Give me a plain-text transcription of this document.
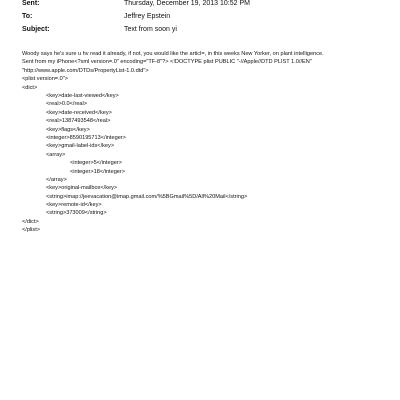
Sent:	Thursday, December 19, 2013 10:52 PM
To:	Jeffrey Epstein
Subject:	Text from soon yi

Woody says he's sure u hv read it already, if not, you would like the articl=, in this weeks New Yorker, on plant intelligence.

Sent from my iPhone<?xml version=.0" encoding="TF-8"?> <!DOCTYPE plist PUBLIC "-//Apple//DTD PLIST 1.0//EN" "http://www.apple.com/DTDs/PropertyList-1.0.dtd">

<plist version=.0">
<dict>
<key>date-last-viewed</key>
<real>0.0</real>
<key>date-received</key>
<real>1387493548</real>
<key>flags</key>
<integer>8590195713</integer>
<key>gmail-label-ids</key>
<array>
<integer>5</integer>
<integer>18</integer>
</array>
<key>original-mailbox</key>
<string>imap://jeevacation@imap.gmail.com/%5BGmail%5D/All%20Mail</string>
<key>remote-id</key>
<string>373009</string>
</dict>
</plist>
